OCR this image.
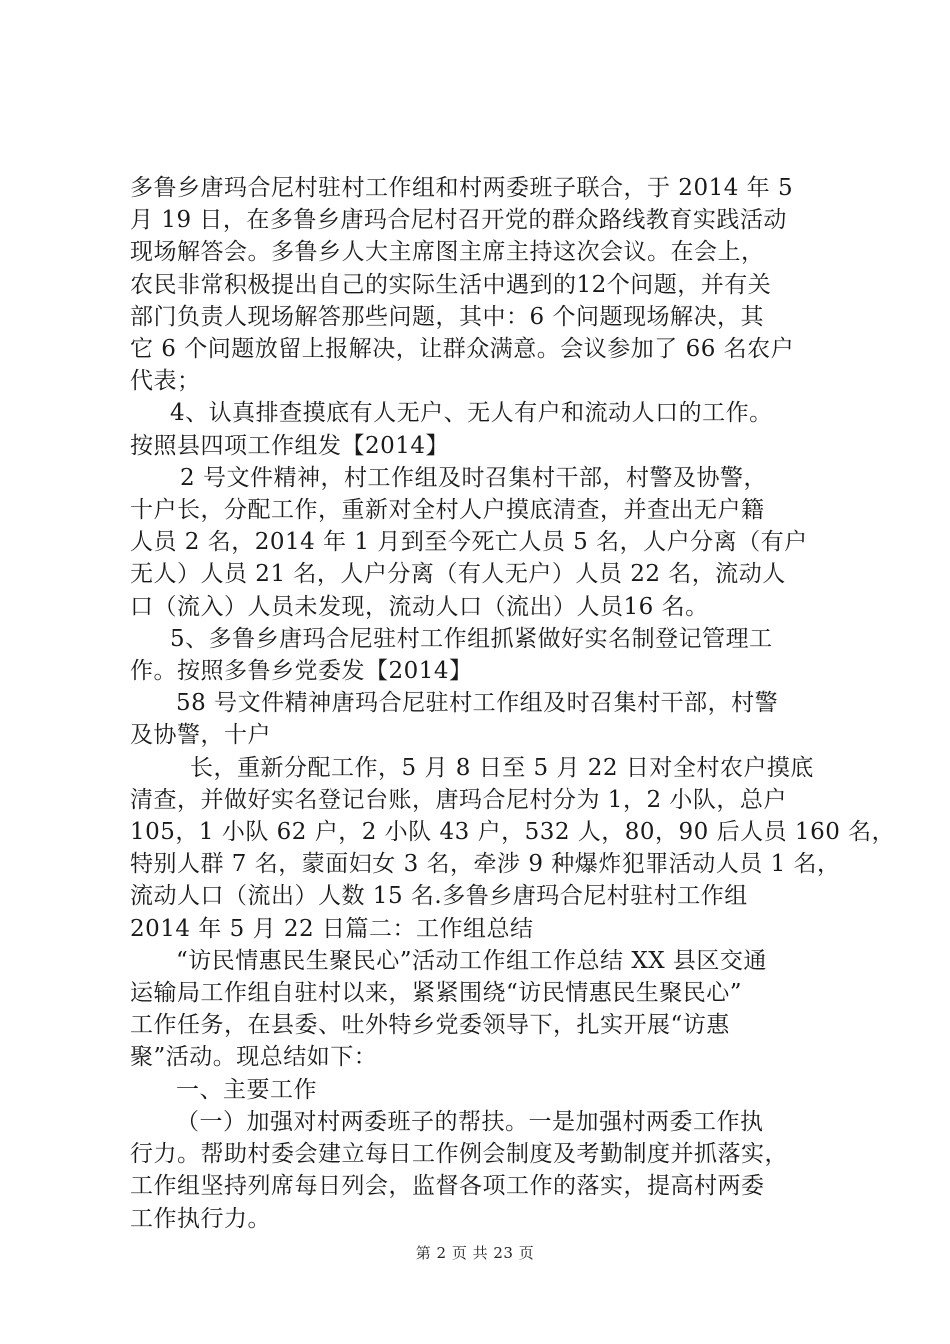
多鲁乡唐玛合尼村驻村工作组和村两委班子联合，于 2014 年 5

月 19 日，在多鲁乡唐玛合尼村召开党的群众路线教育实践活动

现场解答会。多鲁乡人大主席图主席主持这次会议。在会上，

农民非常积极提出自己的实际生活中遇到的12个问题，并有关

部门负责人现场解答那些问题，其中：6 个问题现场解决，其

它 6 个问题放留上报解决，让群众满意。会议参加了 66 名农户

代表；

4、认真排查摸底有人无户、无人有户和流动人口的工作。

按照县四项工作组发【2014】

2 号文件精神，村工作组及时召集村干部，村警及协警，

十户长，分配工作，重新对全村人户摸底清查，并查出无户籍

人员 2 名，2014 年 1 月到至今死亡人员 5 名，人户分离（有户

无人）人员 21 名，人户分离（有人无户）人员 22 名，流动人

口（流入）人员未发现，流动人口（流出）人员16 名。

5、多鲁乡唐玛合尼驻村工作组抓紧做好实名制登记管理工

作。按照多鲁乡党委发【2014】

58 号文件精神唐玛合尼驻村工作组及时召集村干部，村警

及协警，十户

长，重新分配工作，5 月 8 日至 5 月 22 日对全村农户摸底

清查，并做好实名登记台账，唐玛合尼村分为 1，2 小队，总户

105，1 小队 62 户，2 小队 43 户，532 人，80，90 后人员 160 名，

特别人群 7 名，蒙面妇女 3 名，牵涉 9 种爆炸犯罪活动人员 1 名，

流动人口（流出）人数 15 名.多鲁乡唐玛合尼村驻村工作组

2014 年 5 月 22 日篇二：工作组总结

“访民情惠民生聚民心”活动工作组工作总结 XX 县区交通

运输局工作组自驻村以来，紧紧围绕“访民情惠民生聚民心”

工作任务，在县委、吐外特乡党委领导下，扎实开展“访惠

聚”活动。现总结如下：

一、主要工作

（一）加强对村两委班子的帮扶。一是加强村两委工作执

行力。帮助村委会建立每日工作例会制度及考勤制度并抓落实，

工作组坚持列席每日列会，监督各项工作的落实，提高村两委

工作执行力。

第 2 页 共 23 页
